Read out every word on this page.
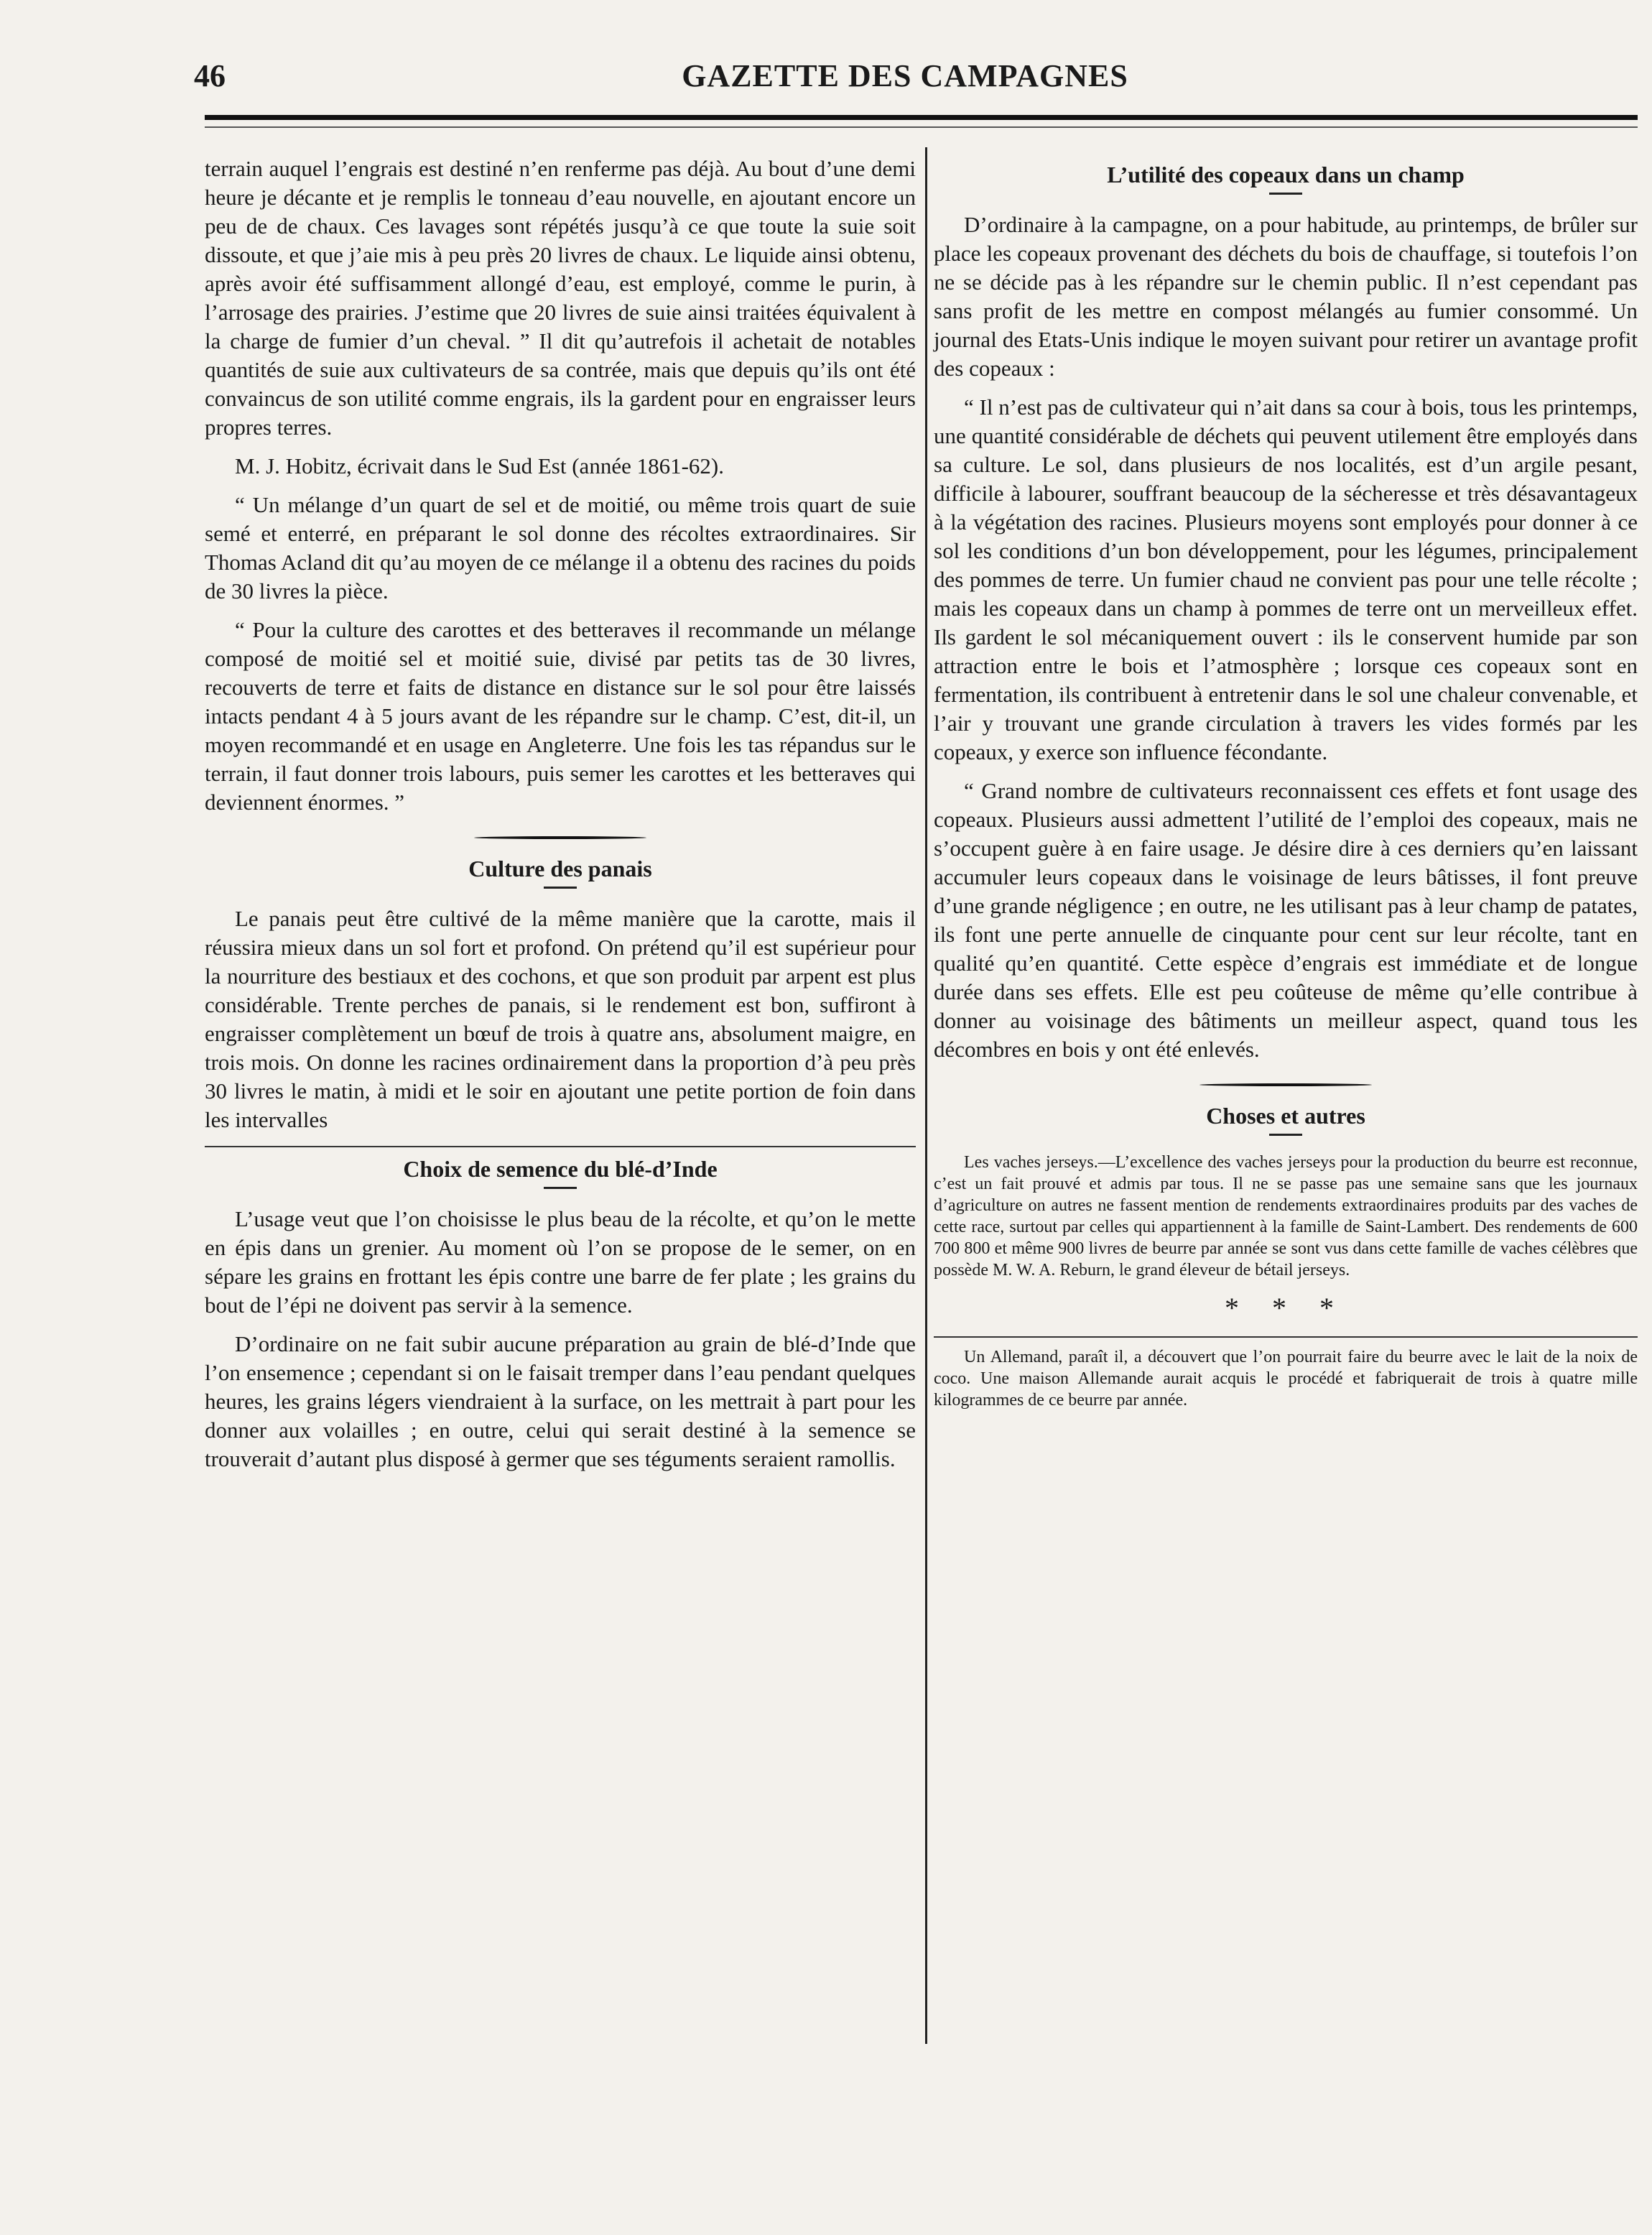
46	GAZETTE DES CAMPAGNES

terrain auquel l’engrais est destiné n’en renferme pas déjà. Au bout d’une demi heure je décante et je remplis le tonneau d’eau nouvelle, en ajoutant encore un peu de de chaux. Ces lavages sont répétés jusqu’à ce que toute la suie soit dissoute, et que j’aie mis à peu près 20 livres de chaux. Le liquide ainsi obtenu, après avoir été suffisamment allongé d’eau, est employé, comme le purin, à l’arrosage des prairies. J’estime que 20 livres de suie ainsi traitées équivalent à la charge de fumier d’un cheval. ” Il dit qu’autrefois il achetait de notables quantités de suie aux cultivateurs de sa contrée, mais que depuis qu’ils ont été convaincus de son utilité comme engrais, ils la gardent pour en engraisser leurs propres terres.

M. J. Hobitz, écrivait dans le Sud Est (année 1861-62).

“ Un mélange d’un quart de sel et de moitié, ou même trois quart de suie semé et enterré, en préparant le sol donne des récoltes extraordinaires. Sir Thomas Acland dit qu’au moyen de ce mélange il a obtenu des racines du poids de 30 livres la pièce.

“ Pour la culture des carottes et des betteraves il recommande un mélange composé de moitié sel et moitié suie, divisé par petits tas de 30 livres, recouverts de terre et faits de distance en distance sur le sol pour être laissés intacts pendant 4 à 5 jours avant de les répandre sur le champ. C’est, dit-il, un moyen recommandé et en usage en Angleterre. Une fois les tas répandus sur le terrain, il faut donner trois labours, puis semer les carottes et les betteraves qui deviennent énormes. ”

Culture des panais

Le panais peut être cultivé de la même manière que la carotte, mais il réussira mieux dans un sol fort et profond. On prétend qu’il est supérieur pour la nourriture des bestiaux et des cochons, et que son produit par arpent est plus considérable. Trente perches de panais, si le rendement est bon, suffiront à engraisser complètement un bœuf de trois à quatre ans, absolument maigre, en trois mois. On donne les racines ordinairement dans la proportion d’à peu près 30 livres le matin, à midi et le soir en ajoutant une petite portion de foin dans les intervalles

Choix de semence du blé-d’Inde

L’usage veut que l’on choisisse le plus beau de la récolte, et qu’on le mette en épis dans un grenier. Au moment où l’on se propose de le semer, on en sépare les grains en frottant les épis contre une barre de fer plate ; les grains du bout de l’épi ne doivent pas servir à la semence.

D’ordinaire on ne fait subir aucune préparation au grain de blé-d’Inde que l’on ensemence ; cependant si on le faisait tremper dans l’eau pendant quelques heures, les grains légers viendraient à la surface, on les mettrait à part pour les donner aux volailles ; en outre, celui qui serait destiné à la semence se trouverait d’autant plus disposé à germer que ses téguments seraient ramollis.

L’utilité des copeaux dans un champ

D’ordinaire à la campagne, on a pour habitude, au printemps, de brûler sur place les copeaux provenant des déchets du bois de chauffage, si toutefois l’on ne se décide pas à les répandre sur le chemin public. Il n’est cependant pas sans profit de les mettre en compost mélangés au fumier consommé. Un journal des Etats-Unis indique le moyen suivant pour retirer un avantage profit des copeaux :

“ Il n’est pas de cultivateur qui n’ait dans sa cour à bois, tous les printemps, une quantité considérable de déchets qui peuvent utilement être employés dans sa culture. Le sol, dans plusieurs de nos localités, est d’un argile pesant, difficile à labourer, souffrant beaucoup de la sécheresse et très désavantageux à la végétation des racines. Plusieurs moyens sont employés pour donner à ce sol les conditions d’un bon développement, pour les légumes, principalement des pommes de terre. Un fumier chaud ne convient pas pour une telle récolte ; mais les copeaux dans un champ à pommes de terre ont un merveilleux effet. Ils gardent le sol mécaniquement ouvert : ils le conservent humide par son attraction entre le bois et l’atmosphère ; lorsque ces copeaux sont en fermentation, ils contribuent à entretenir dans le sol une chaleur convenable, et l’air y trouvant une grande circulation à travers les vides formés par les copeaux, y exerce son influence fécondante.

“ Grand nombre de cultivateurs reconnaissent ces effets et font usage des copeaux. Plusieurs aussi admettent l’utilité de l’emploi des copeaux, mais ne s’occupent guère à en faire usage. Je désire dire à ces derniers qu’en laissant accumuler leurs copeaux dans le voisinage de leurs bâtisses, il font preuve d’une grande négligence ; en outre, ne les utilisant pas à leur champ de patates, ils font une perte annuelle de cinquante pour cent sur leur récolte, tant en qualité qu’en quantité. Cette espèce d’engrais est immédiate et de longue durée dans ses effets. Elle est peu coûteuse de même qu’elle contribue à donner au voisinage des bâtiments un meilleur aspect, quand tous les décombres en bois y ont été enlevés.

Choses et autres

Les vaches jerseys.—L’excellence des vaches jerseys pour la production du beurre est reconnue, c’est un fait prouvé et admis par tous. Il ne se passe pas une semaine sans que les journaux d’agriculture on autres ne fassent mention de rendements extraordinaires produits par des vaches de cette race, surtout par celles qui appartiennent à la famille de Saint-Lambert. Des rendements de 600 700 800 et même 900 livres de beurre par année se sont vus dans cette famille de vaches célèbres que possède M. W. A. Reburn, le grand éleveur de bétail jerseys.

* * *

Un Allemand, paraît il, a découvert que l’on pourrait faire du beurre avec le lait de la noix de coco. Une maison Allemande aurait acquis le procédé et fabriquerait de trois à quatre mille kilogrammes de ce beurre par année.
